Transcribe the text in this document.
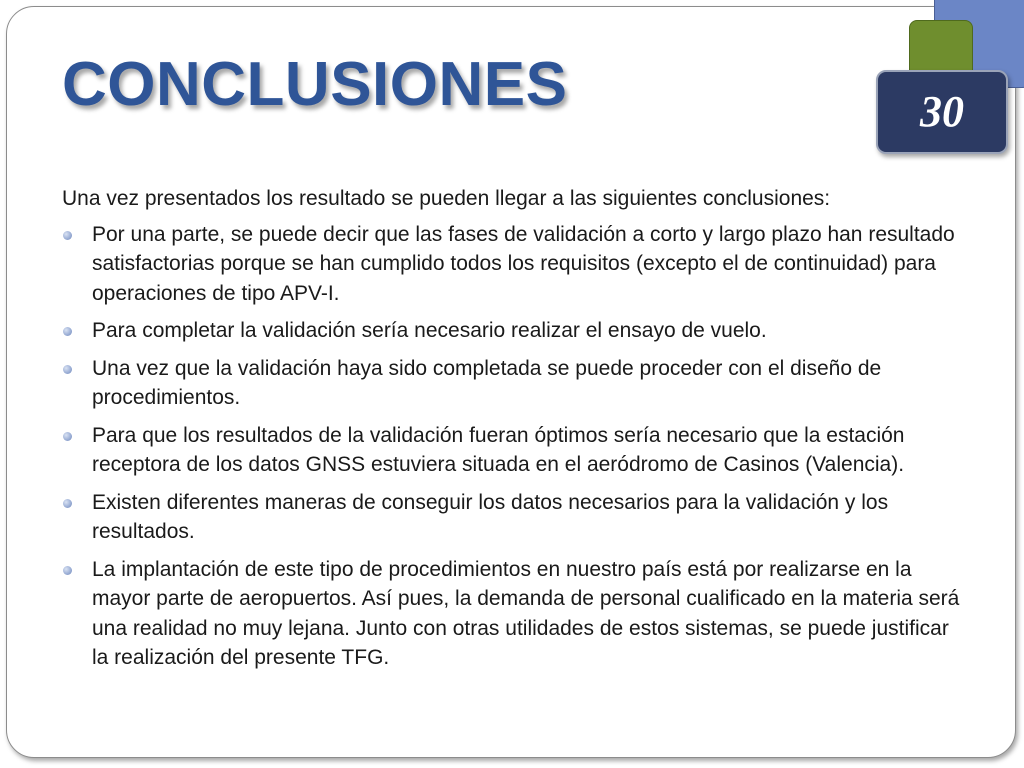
30
CONCLUSIONES

Una vez presentados los resultado se pueden llegar a las siguientes conclusiones:

Por una parte, se puede decir que las fases de validación a corto y largo plazo han resultado satisfactorias porque se han cumplido todos los requisitos (excepto el de continuidad) para operaciones de tipo APV-I.
Para completar la validación sería necesario realizar el ensayo de vuelo.
Una vez que la validación haya sido completada se puede proceder con el diseño de procedimientos.
Para que los resultados de la validación fueran óptimos sería necesario que la estación receptora de los datos GNSS estuviera situada en el aeródromo de Casinos (Valencia).
Existen diferentes maneras de conseguir los datos necesarios para la validación y los resultados.
La implantación de este tipo de procedimientos en nuestro país está por realizarse en la mayor parte de aeropuertos. Así pues, la demanda de personal cualificado en la materia será una realidad no muy lejana. Junto con otras utilidades de estos sistemas, se puede justificar la realización del presente TFG.
